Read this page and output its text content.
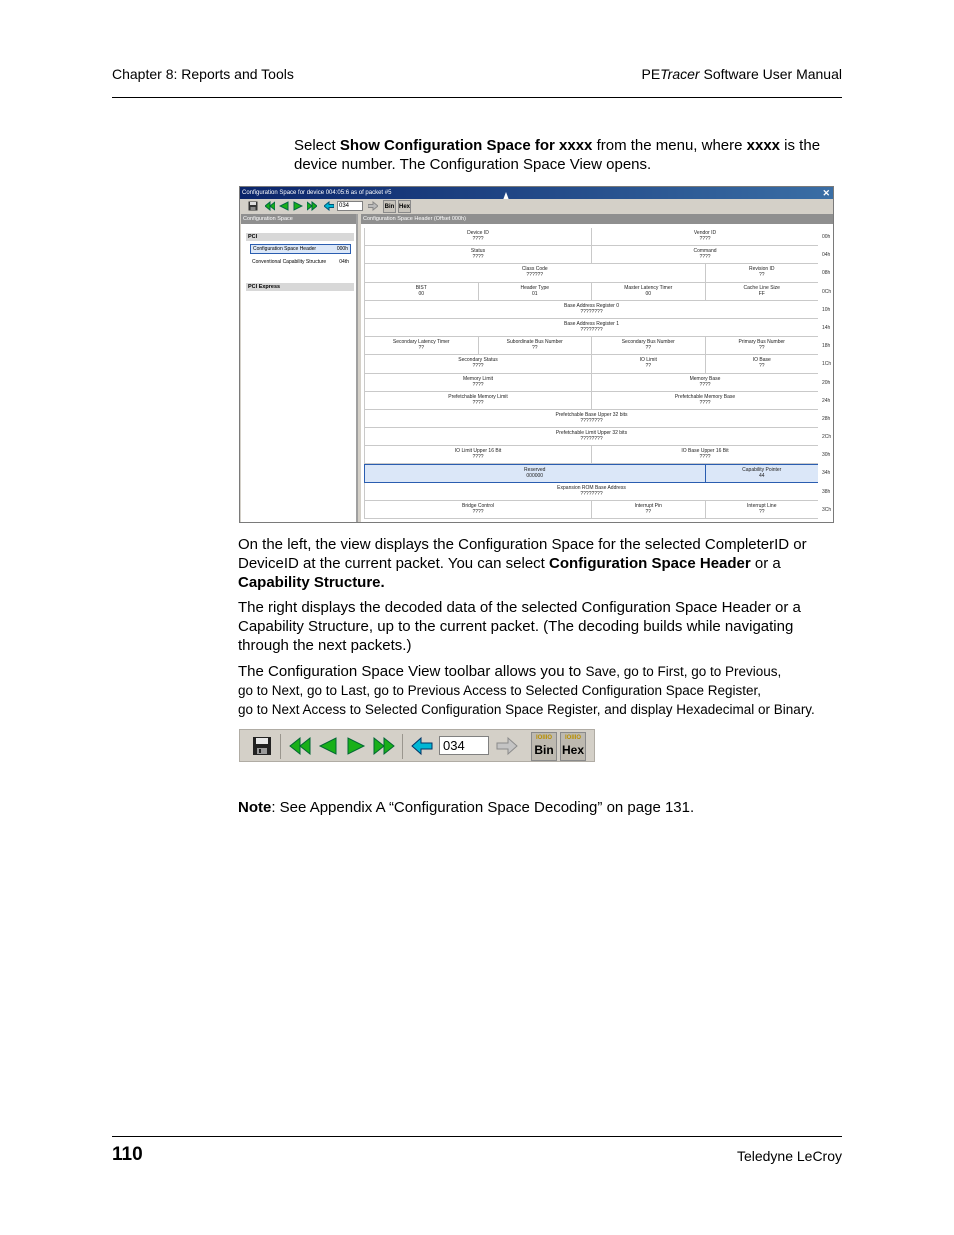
Chapter 8: Reports and Tools	PETracer Software User Manual
Select Show Configuration Space for xxxx from the menu, where xxxx is the
device number. The Configuration Space View opens.
Configuration Space for device 004:05:6 as of packet #5	✕
034	Bin Hex
Configuration Space
PCI
Configuration Space Header	000h
04th
Conventional Capability Structure
PCI Express
Configuration Space Header (Offset 000h)
Device ID
????
Vendor ID
????	00h
Status
????
Command
????	04h
Class Code
??????
Revision ID
??	08h
BIST
00
Header Type
01
Master Latency Timer
00
Cache Line Size
FF	0Ch
Base Address Register 0
????????	10h
Base Address Register 1
????????	14h
Secondary Latency Timer
??
Subordinate Bus Number
??
Secondary Bus Number
??
Primary Bus Number
??	18h
Secondary Status
????
IO Limit
??
IO Base
??	1Ch
Memory Limit
????
Memory Base
????	20h
Prefetchable Memory Limit
????
Prefetchable Memory Base
????	24h
Prefetchable Base Upper 32 bits
????????	28h
Prefetchable Limit Upper 32 bits
????????	2Ch
IO Limit Upper 16 Bit
????
IO Base Upper 16 Bit
????	30h
Reserved
000000
Capability Pointer
44	34h
Expansion ROM Base Address
????????	38h
Bridge Control
????
Interrupt Pin
??
Interrupt Line
??	3Ch
On the left, the view displays the Configuration Space for the selected CompleterID or
DeviceID at the current packet. You can select Configuration Space Header or a
Capability Structure.
The right displays the decoded data of the selected Configuration Space Header or a
Capability Structure, up to the current packet. (The decoding builds while navigating
through the next packets.)
The Configuration Space View toolbar allows you to Save, go to First, go to Previous,
go to Next, go to Last, go to Previous Access to Selected Configuration Space Register,
go to Next Access to Selected Configuration Space Register, and display Hexadecimal or Binary.
034	IOIIIO
Bin
IOIIIO
Hex
Note: See Appendix A “Configuration Space Decoding” on page 131.
110	Teledyne LeCroy
